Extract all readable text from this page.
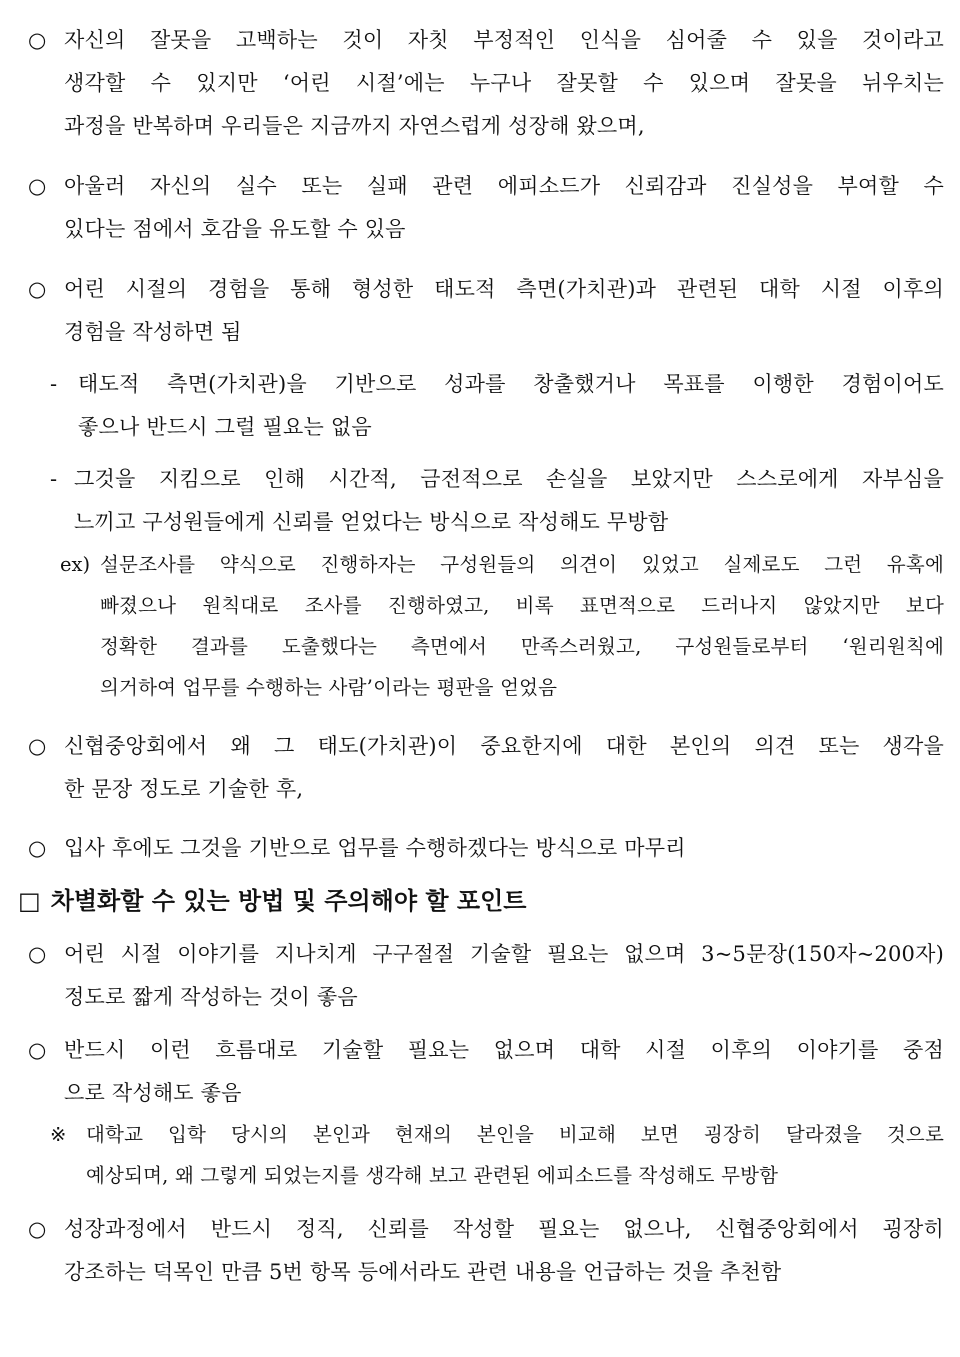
○ 자신의 잘못을 고백하는 것이 자칫 부정적인 인식을 심어줄 수 있을 것이라고
생각할 수 있지만 ‘어린 시절’에는 누구나 잘못할 수 있으며 잘못을 뉘우치는
과정을 반복하며 우리들은 지금까지 자연스럽게 성장해 왔으며,
○ 아울러 자신의 실수 또는 실패 관련 에피소드가 신뢰감과 진실성을 부여할 수
있다는 점에서 호감을 유도할 수 있음
○ 어린 시절의 경험을 통해 형성한 태도적 측면(가치관)과 관련된 대학 시절 이후의
경험을 작성하면 됨
- 태도적 측면(가치관)을 기반으로 성과를 창출했거나 목표를 이행한 경험이어도
좋으나 반드시 그럴 필요는 없음
- 그것을 지킴으로 인해 시간적, 금전적으로 손실을 보았지만 스스로에게 자부심을
느끼고 구성원들에게 신뢰를 얻었다는 방식으로 작성해도 무방함
ex) 설문조사를 약식으로 진행하자는 구성원들의 의견이 있었고 실제로도 그런 유혹에
빠졌으나 원칙대로 조사를 진행하였고, 비록 표면적으로 드러나지 않았지만 보다
정확한 결과를 도출했다는 측면에서 만족스러웠고, 구성원들로부터 ‘원리원칙에
의거하여 업무를 수행하는 사람’이라는 평판을 얻었음
○ 신협중앙회에서 왜 그 태도(가치관)이 중요한지에 대한 본인의 의견 또는 생각을
한 문장 정도로 기술한 후,
○ 입사 후에도 그것을 기반으로 업무를 수행하겠다는 방식으로 마무리
□ 차별화할 수 있는 방법 및 주의해야 할 포인트
○ 어린 시절 이야기를 지나치게 구구절절 기술할 필요는 없으며 3~5문장(150자~200자)
정도로 짧게 작성하는 것이 좋음
○ 반드시 이런 흐름대로 기술할 필요는 없으며 대학 시절 이후의 이야기를 중점
으로 작성해도 좋음
※ 대학교 입학 당시의 본인과 현재의 본인을 비교해 보면 굉장히 달라졌을 것으로
예상되며, 왜 그렇게 되었는지를 생각해 보고 관련된 에피소드를 작성해도 무방함
○ 성장과정에서 반드시 정직, 신뢰를 작성할 필요는 없으나, 신협중앙회에서 굉장히
강조하는 덕목인 만큼 5번 항목 등에서라도 관련 내용을 언급하는 것을 추천함
